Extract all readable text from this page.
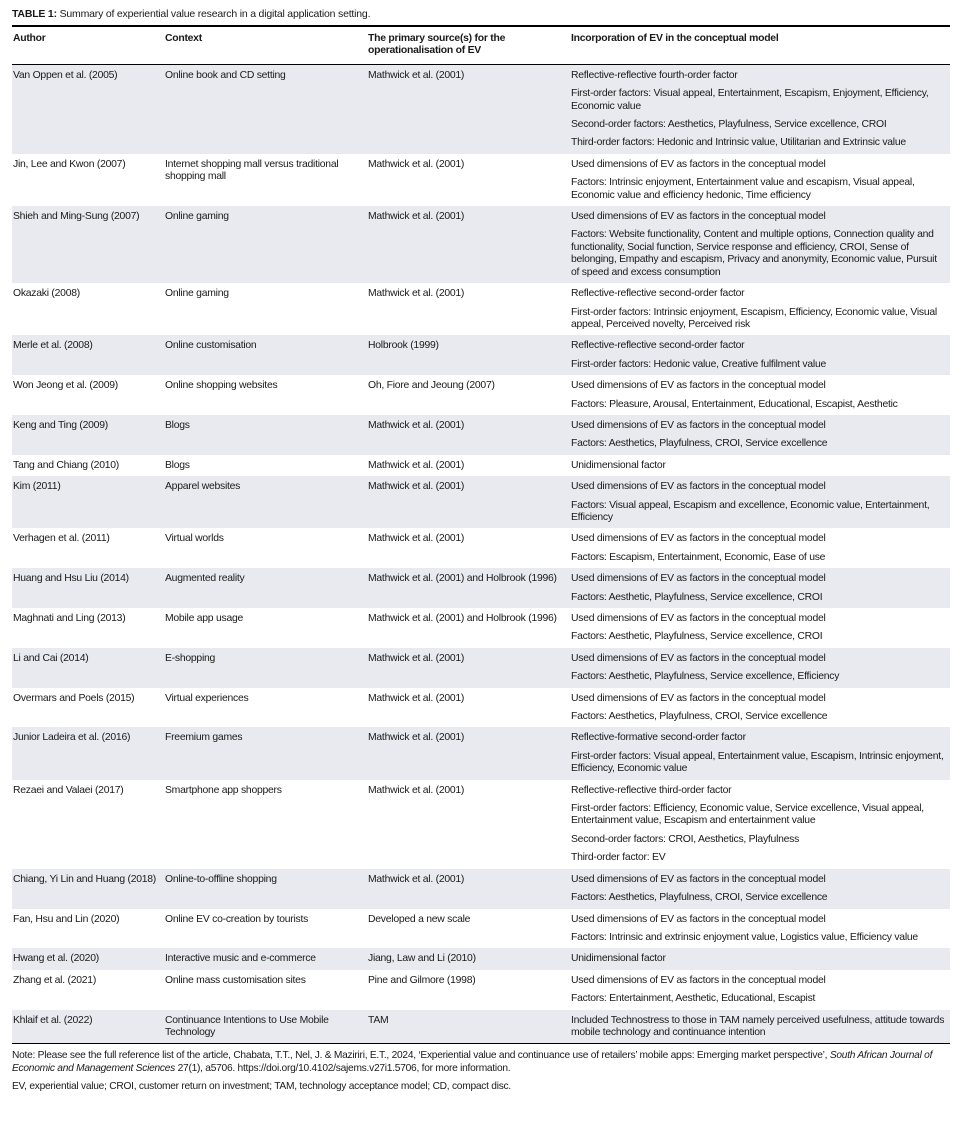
TABLE 1: Summary of experiential value research in a digital application setting.
Author	Context	The primary source(s) for the operationalisation of EV	Incorporation of EV in the conceptual model
Van Oppen et al. (2005)	Online book and CD setting	Mathwick et al. (2001)	Reflective-reflective fourth-order factor

First-order factors: Visual appeal, Entertainment, Escapism, Enjoyment, Efficiency, Economic value

Second-order factors: Aesthetics, Playfulness, Service excellence, CROI

Third-order factors: Hedonic and Intrinsic value, Utilitarian and Extrinsic value

Jin, Lee and Kwon (2007)	Internet shopping mall versus traditional shopping mall	Mathwick et al. (2001)	Used dimensions of EV as factors in the conceptual model

Factors: Intrinsic enjoyment, Entertainment value and escapism, Visual appeal, Economic value and efficiency hedonic, Time efficiency

Shieh and Ming-Sung (2007)	Online gaming	Mathwick et al. (2001)	Used dimensions of EV as factors in the conceptual model

Factors: Website functionality, Content and multiple options, Connection quality and functionality, Social function, Service response and efficiency, CROI, Sense of belonging, Empathy and escapism, Privacy and anonymity, Economic value, Pursuit of speed and excess consumption

Okazaki (2008)	Online gaming	Mathwick et al. (2001)	Reflective-reflective second-order factor

First-order factors: Intrinsic enjoyment, Escapism, Efficiency, Economic value, Visual appeal, Perceived novelty, Perceived risk

Merle et al. (2008)	Online customisation	Holbrook (1999)	Reflective-reflective second-order factor

First-order factors: Hedonic value, Creative fulfilment value

Won Jeong et al. (2009)	Online shopping websites	Oh, Fiore and Jeoung (2007)	Used dimensions of EV as factors in the conceptual model

Factors: Pleasure, Arousal, Entertainment, Educational, Escapist, Aesthetic

Keng and Ting (2009)	Blogs	Mathwick et al. (2001)	Used dimensions of EV as factors in the conceptual model

Factors: Aesthetics, Playfulness, CROI, Service excellence

Tang and Chiang (2010)	Blogs	Mathwick et al. (2001)	Unidimensional factor

Kim (2011)	Apparel websites	Mathwick et al. (2001)	Used dimensions of EV as factors in the conceptual model

Factors: Visual appeal, Escapism and excellence, Economic value, Entertainment, Efficiency

Verhagen et al. (2011)	Virtual worlds	Mathwick et al. (2001)	Used dimensions of EV as factors in the conceptual model

Factors: Escapism, Entertainment, Economic, Ease of use

Huang and Hsu Liu (2014)	Augmented reality	Mathwick et al. (2001) and Holbrook (1996)	Used dimensions of EV as factors in the conceptual model

Factors: Aesthetic, Playfulness, Service excellence, CROI

Maghnati and Ling (2013)	Mobile app usage	Mathwick et al. (2001) and Holbrook (1996)	Used dimensions of EV as factors in the conceptual model

Factors: Aesthetic, Playfulness, Service excellence, CROI

Li and Cai (2014)	E-shopping	Mathwick et al. (2001)	Used dimensions of EV as factors in the conceptual model

Factors: Aesthetic, Playfulness, Service excellence, Efficiency

Overmars and Poels (2015)	Virtual experiences	Mathwick et al. (2001)	Used dimensions of EV as factors in the conceptual model

Factors: Aesthetics, Playfulness, CROI, Service excellence

Junior Ladeira et al. (2016)	Freemium games	Mathwick et al. (2001)	Reflective-formative second-order factor

First-order factors: Visual appeal, Entertainment value, Escapism, Intrinsic enjoyment, Efficiency, Economic value

Rezaei and Valaei (2017)	Smartphone app shoppers	Mathwick et al. (2001)	Reflective-reflective third-order factor

First-order factors: Efficiency, Economic value, Service excellence, Visual appeal, Entertainment value, Escapism and entertainment value

Second-order factors: CROI, Aesthetics, Playfulness

Third-order factor: EV

Chiang, Yi Lin and Huang (2018)	Online-to-offline shopping	Mathwick et al. (2001)	Used dimensions of EV as factors in the conceptual model

Factors: Aesthetics, Playfulness, CROI, Service excellence

Fan, Hsu and Lin (2020)	Online EV co-creation by tourists	Developed a new scale	Used dimensions of EV as factors in the conceptual model

Factors: Intrinsic and extrinsic enjoyment value, Logistics value, Efficiency value

Hwang et al. (2020)	Interactive music and e-commerce	Jiang, Law and Li (2010)	Unidimensional factor

Zhang et al. (2021)	Online mass customisation sites	Pine and Gilmore (1998)	Used dimensions of EV as factors in the conceptual model

Factors: Entertainment, Aesthetic, Educational, Escapist

Khlaif et al. (2022)	Continuance Intentions to Use Mobile Technology	TAM	Included Technostress to those in TAM namely perceived usefulness, attitude towards mobile technology and continuance intention

Note: Please see the full reference list of the article, Chabata, T.T., Nel, J. & Maziriri, E.T., 2024, ‘Experiential value and continuance use of retailers’ mobile apps: Emerging market perspective’, South African Journal of Economic and Management Sciences 27(1), a5706. https://doi.org/10.4102/sajems.v27i1.5706, for more information.

EV, experiential value; CROI, customer return on investment; TAM, technology acceptance model; CD, compact disc.
